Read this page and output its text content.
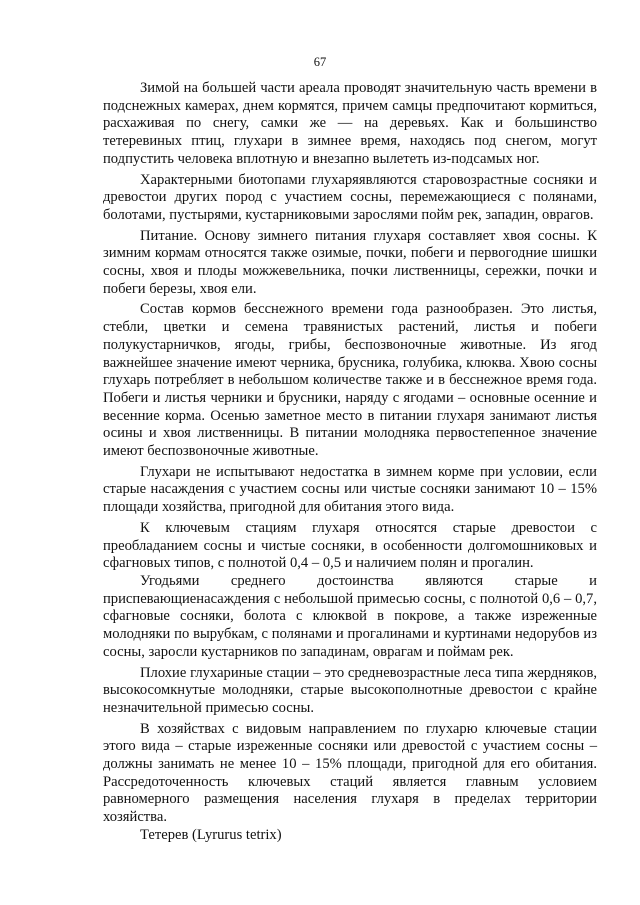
67

Зимой на большей части ареала проводят значительную часть времени в подснежных камерах, днем кормятся, причем самцы предпочитают кормиться, расхаживая по снегу, самки же — на деревьях. Как и большинство тетеревиных птиц, глухари в зимнее время, находясь под снегом, могут подпустить человека вплотную и внезапно вылететь из-подсамых ног.

Характерными биотопами глухаряявляются старовозрастные сосняки и древостои других пород с участием сосны, перемежающиеся с полянами, болотами, пустырями, кустарниковыми зарослями пойм рек, западин, оврагов.

Питание. Основу зимнего питания глухаря составляет хвоя сосны. К зимним кормам относятся также озимые, почки, побеги и первогодние шишки сосны, хвоя и плоды можжевельника, почки лиственницы, сережки, почки и побеги березы, хвоя ели.

Состав кормов бесснежного времени года разнообразен. Это листья, стебли, цветки и семена травянистых растений, листья и побеги полукустарничков, ягоды, грибы, беспозвоночные животные. Из ягод важнейшее значение имеют черника, брусника, голубика, клюква. Хвою сосны глухарь потребляет в небольшом количестве также и в бесснежное время года. Побеги и листья черники и брусники, наряду с ягодами – основные осенние и весенние корма. Осенью заметное место в питании глухаря занимают листья осины и хвоя лиственницы. В питании молодняка первостепенное значение имеют беспозвоночные животные.

Глухари не испытывают недостатка в зимнем корме при условии, если старые насаждения с участием сосны или чистые сосняки занимают 10 – 15% площади хозяйства, пригодной для обитания этого вида.

К ключевым стациям глухаря относятся старые древостои с преобладанием сосны и чистые сосняки, в особенности долгомошниковых и сфагновых типов, с полнотой 0,4 – 0,5 и наличием полян и прогалин.

Угодьями среднего достоинства являются старые и приспевающиенасаждения с небольшой примесью сосны, с полнотой 0,6 – 0,7, сфагновые сосняки, болота с клюквой в покрове, а также изреженные молодняки по вырубкам, с полянами и прогалинами и куртинами недорубов из сосны, заросли кустарников по западинам, оврагам и поймам рек.

Плохие глухариные стации – это средневозрастные леса типа жердняков, высокосомкнутые молодняки, старые высокополнотные древостои с крайне незначительной примесью сосны.

В хозяйствах с видовым направлением по глухарю ключевые стации этого вида – старые изреженные сосняки или древостой с участием сосны – должны занимать не менее 10 – 15% площади, пригодной для его обитания. Рассредоточенность ключевых стаций является главным условием равномерного размещения населения глухаря в пределах территории хозяйства.

Тетерев (Lyrurus tetrix)
